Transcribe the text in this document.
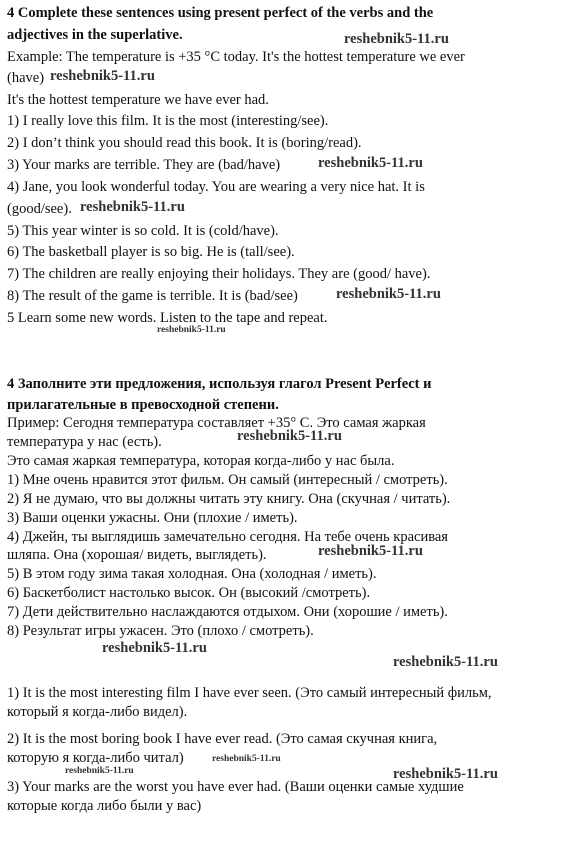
4 Complete these sentences using present perfect of the verbs and the
adjectives in the superlative.
Example: The temperature is +35 °C today. It's the hottest temperature we ever
(have)
It's the hottest temperature we have ever had.
1) I really love this film. It is the most (interesting/see).
2) I don’t think you should read this book. It is (boring/read).
3) Your marks are terrible. They are (bad/have)
4) Jane, you look wonderful today. You are wearing a very nice hat. It is
(good/see).
5) This year winter is so cold. It is (cold/have).
6) The basketball player is so big. He is (tall/see).
7) The children are really enjoying their holidays. They are (good/ have).
8) The result of the game is terrible. It is (bad/see)
5 Learn some new words. Listen to the tape and repeat.
4 Заполните эти предложения, используя глагол Present Perfect и
прилагательные в превосходной степени.
Пример: Сегодня температура составляет +35° С. Это самая жаркая
температура у нас (есть).
Это самая жаркая температура, которая когда-либо у нас была.
1) Мне очень нравится этот фильм. Он самый (интересный / смотреть).
2) Я не думаю, что вы должны читать эту книгу. Она (скучная / читать).
3) Ваши оценки ужасны. Они (плохие / иметь).
4) Джейн, ты выглядишь замечательно сегодня. На тебе очень красивая
шляпа. Она (хорошая/ видеть, выглядеть).
5) В этом году зима такая холодная. Она (холодная / иметь).
6) Баскетболист настолько высок. Он (высокий /смотреть).
7) Дети действительно наслаждаются отдыхом. Они (хорошие / иметь).
8) Результат игры ужасен. Это (плохо / смотреть).
1) It is the most interesting film I have ever seen. (Это самый интересный фильм,
который я когда-либо видел).
2) It is the most boring book I have ever read. (Это самая скучная книга,
которую я когда-либо читал)
3) Your marks are the worst you have ever had. (Ваши оценки самые худшие
которые когда либо были у вас)
reshebnik5-11.ru
reshebnik5-11.ru
reshebnik5-11.ru
reshebnik5-11.ru
reshebnik5-11.ru
reshebnik5-11.ru
reshebnik5-11.ru
reshebnik5-11.ru
reshebnik5-11.ru
reshebnik5-11.ru
reshebnik5-11.ru
reshebnik5-11.ru	reshebnik5-11.ru
